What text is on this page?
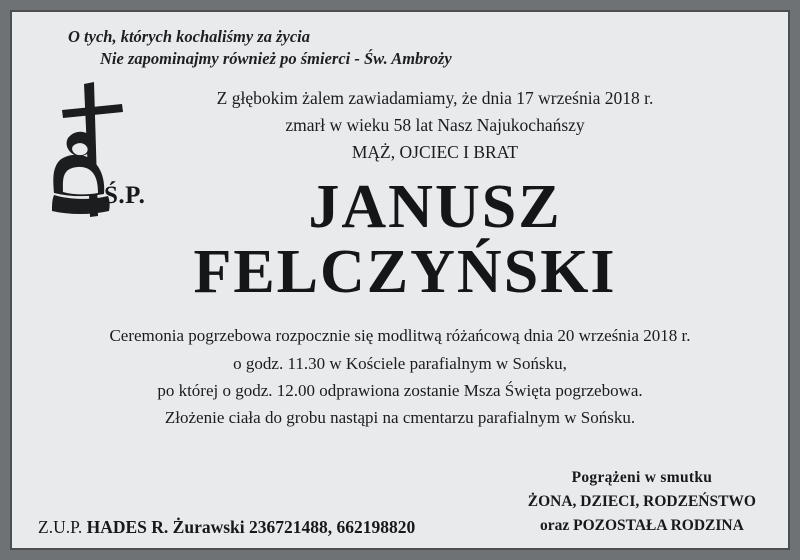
O tych, których kochaliśmy za życia
Nie zapominajmy również po śmierci - Św. Ambroży
Ś.P.
Z głębokim żalem zawiadamiamy, że dnia 17 września 2018 r.
zmarł w wieku 58 lat Nasz Najukochańszy
MĄŻ, OJCIEC I BRAT
JANUSZ
FELCZYŃSKI
Ceremonia pogrzebowa rozpocznie się modlitwą różańcową dnia 20 września 2018 r.
o godz. 11.30 w Kościele parafialnym w Sońsku,
po której o godz. 12.00 odprawiona zostanie Msza Święta pogrzebowa.
Złożenie ciała do grobu nastąpi na cmentarzu parafialnym w Sońsku.
Pogrążeni w smutku
ŻONA, DZIECI, RODZEŃSTWO
oraz POZOSTAŁA RODZINA
Z.U.P. HADES R. Żurawski 236721488, 662198820
